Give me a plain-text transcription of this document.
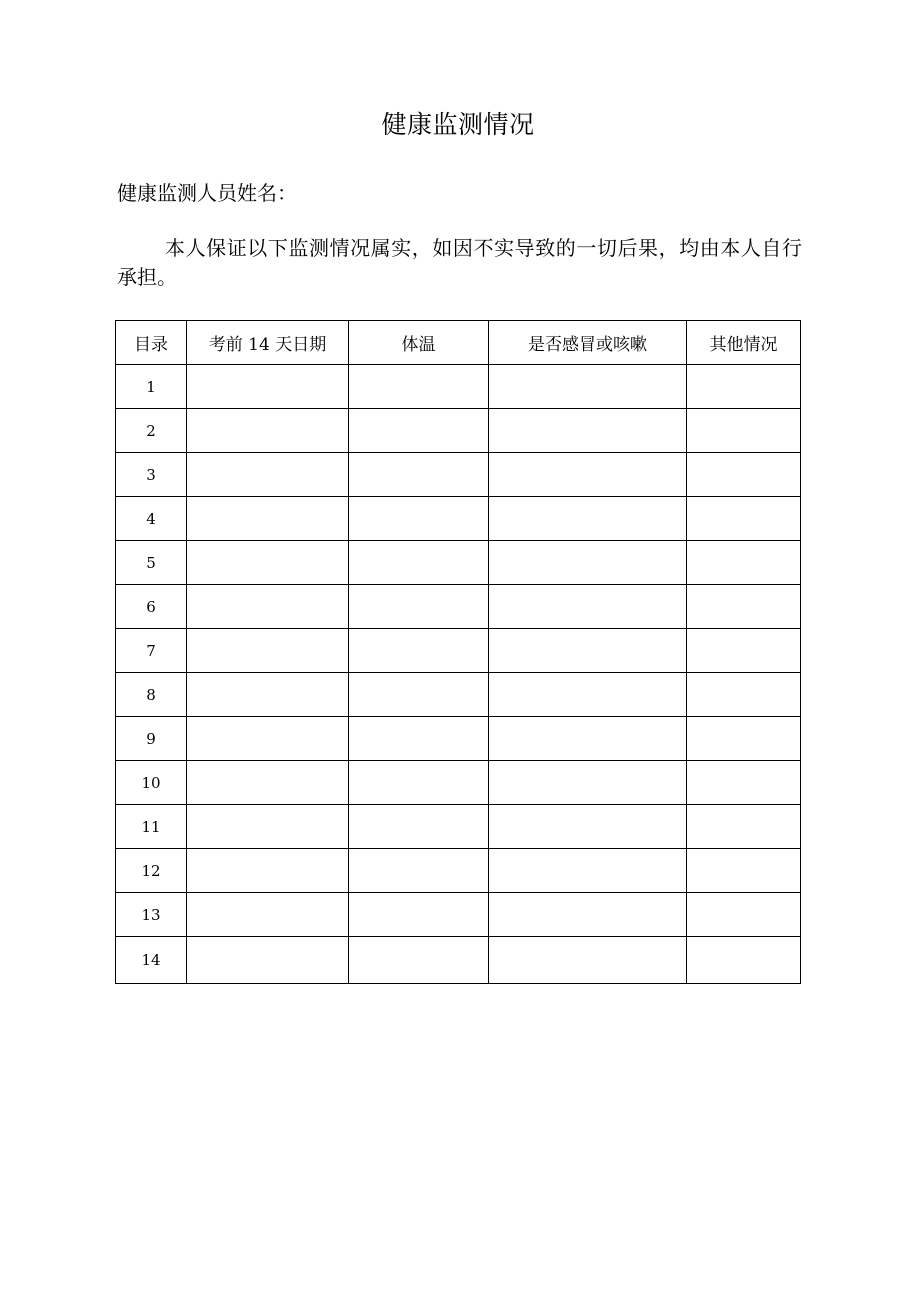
健康监测情况
健康监测人员姓名：

本人保证以下监测情况属实，如因不实导致的一切后果，均由本人自行承担。

目录	考前 14 天日期	体温	是否感冒或咳嗽	其他情况
1				
2				
3				
4				
5				
6				
7				
8				
9				
10				
11				
12				
13				
14				
